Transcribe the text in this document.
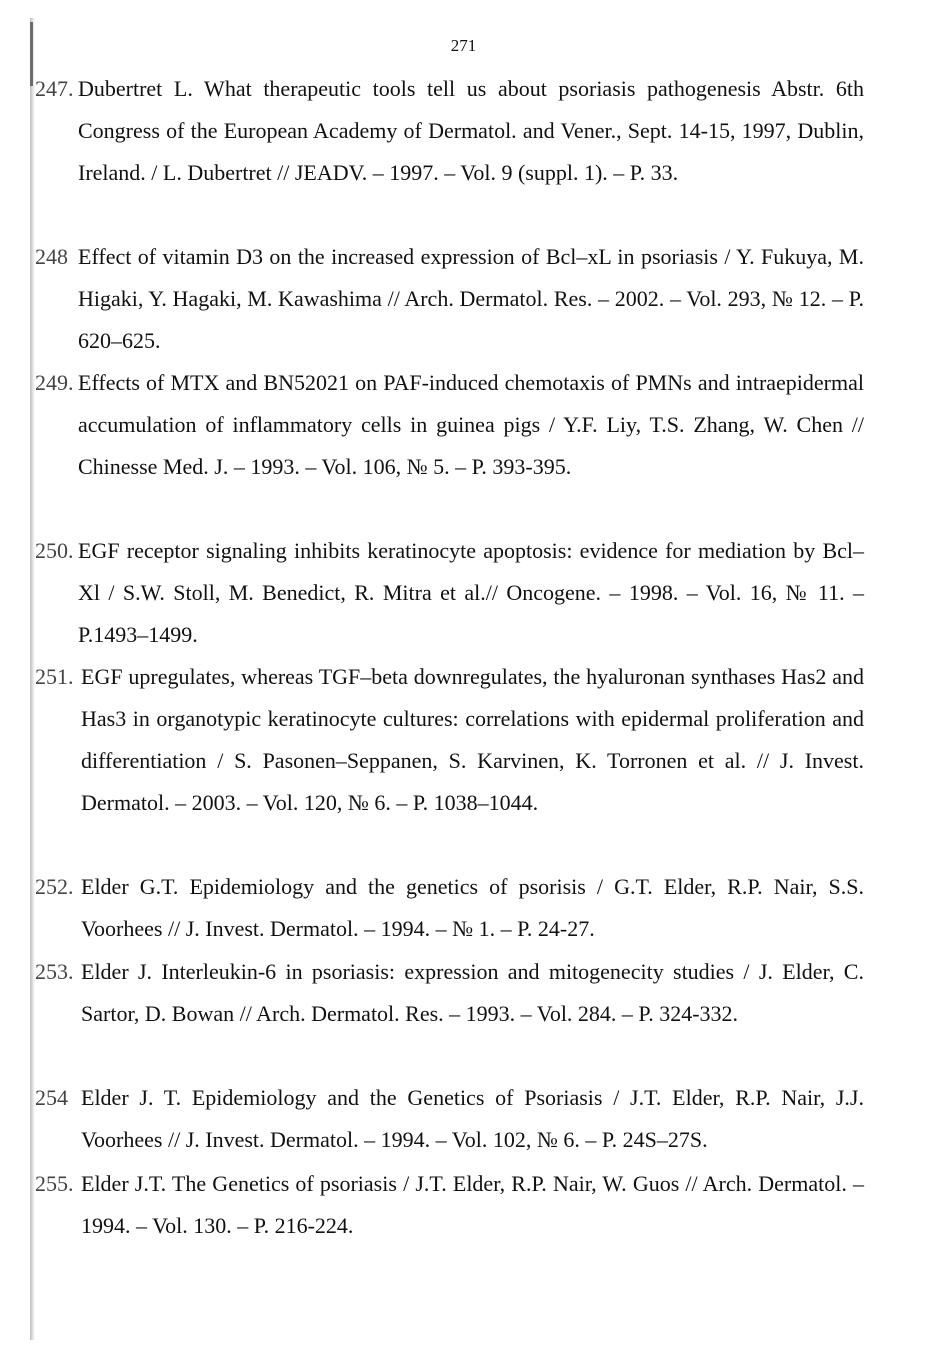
271
247. Dubertret L. What therapeutic tools tell us about psoriasis pathogenesis Abstr. 6th Congress of the European Academy of Dermatol. and Vener., Sept. 14-15, 1997, Dublin, Ireland. / L. Dubertret // JEADV. – 1997. – Vol. 9 (suppl. 1). – P. 33.
248 Effect of vitamin D3 on the increased expression of Bcl–xL in psoriasis / Y. Fukuya, M. Higaki, Y. Hagaki, M. Kawashima // Arch. Dermatol. Res. – 2002. – Vol. 293, № 12. – P. 620–625.
249. Effects of MTX and BN52021 on PAF-induced chemotaxis of PMNs and intraepidermal accumulation of inflammatory cells in guinea pigs / Y.F. Liy, T.S. Zhang, W. Chen // Chinesse Med. J. – 1993. – Vol. 106, № 5. – P. 393-395.
250. EGF receptor signaling inhibits keratinocyte apoptosis: evidence for mediation by Bcl–Xl / S.W. Stoll, M. Benedict, R. Mitra et al.// Oncogene. – 1998. – Vol. 16, № 11. – P.1493–1499.
251. EGF upregulates, whereas TGF–beta downregulates, the hyaluronan synthases Has2 and Has3 in organotypic keratinocyte cultures: correlations with epidermal proliferation and differentiation / S. Pasonen–Seppanen, S. Karvinen, K. Torronen et al. // J. Invest. Dermatol. – 2003. – Vol. 120, № 6. – P. 1038–1044.
252. Elder G.T. Epidemiology and the genetics of psorisis / G.T. Elder, R.P. Nair, S.S. Voorhees // J. Invest. Dermatol. – 1994. – № 1. – P. 24-27.
253. Elder J. Interleukin-6 in psoriasis: expression and mitogenecity studies / J. Elder, C. Sartor, D. Bowan // Arch. Dermatol. Res. – 1993. – Vol. 284. – P. 324-332.
254 Elder J. T. Epidemiology and the Genetics of Psoriasis / J.T. Elder, R.P. Nair, J.J. Voorhees // J. Invest. Dermatol. – 1994. – Vol. 102, № 6. – P. 24S–27S.
255. Elder J.T. The Genetics of psoriasis / J.T. Elder, R.P. Nair, W. Guos // Arch. Dermatol. – 1994. – Vol. 130. – P. 216-224.
